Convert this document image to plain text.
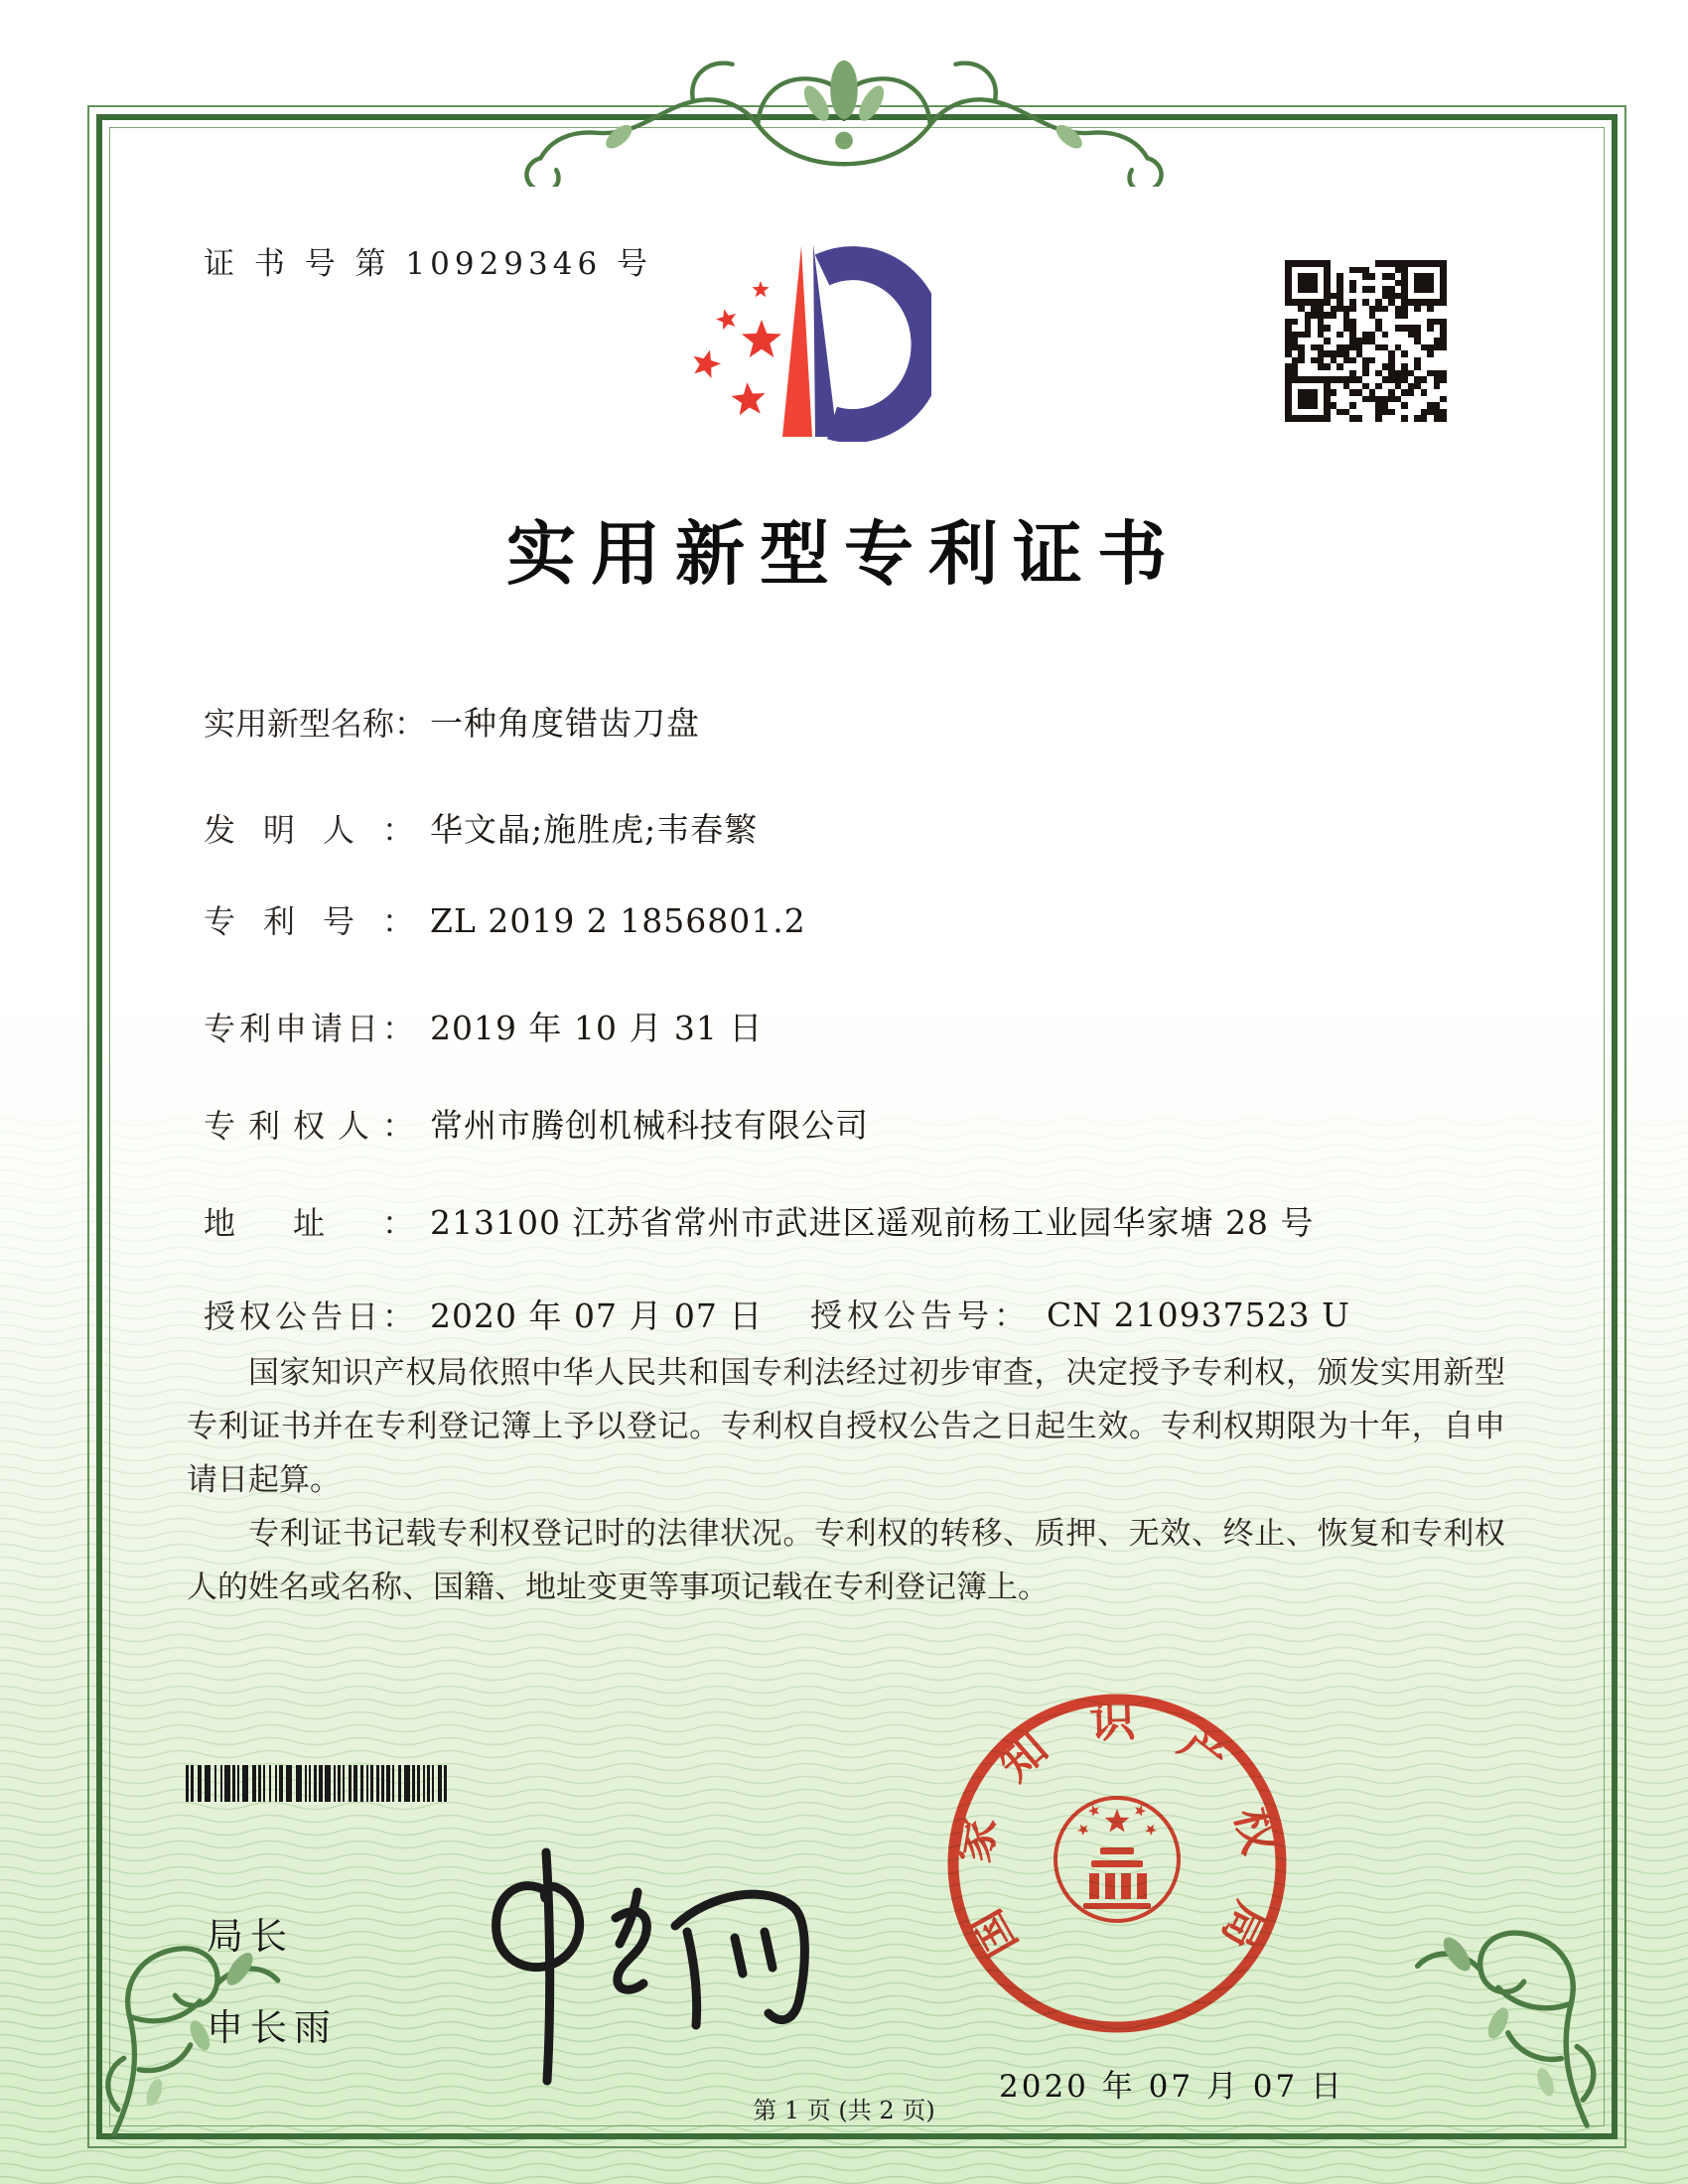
证 书 号 第 10929346 号
实用新型专利证书
实用新型名称： 一种角度错齿刀盘
发明人： 华文晶;施胜虎;韦春繁
专利号： ZL 2019 2 1856801.2
专利申请日： 2019 年 10 月 31 日
专利权人： 常州市腾创机械科技有限公司
地址： 213100 江苏省常州市武进区遥观前杨工业园华家塘 28 号
授权公告日： 2020 年 07 月 07 日 授权公告号： CN 210937523 U

国家知识产权局依照中华人民共和国专利法经过初步审查，决定授予专利权，颁发实用新型专利证书并在专利登记簿上予以登记。专利权自授权公告之日起生效。专利权期限为十年，自申请日起算。

专利证书记载专利权登记时的法律状况。专利权的转移、质押、无效、终止、恢复和专利权人的姓名或名称、国籍、地址变更等事项记载在专利登记簿上。

局长
申长雨
国家知识产权局
2020 年 07 月 07 日
第 1 页 (共 2 页)
